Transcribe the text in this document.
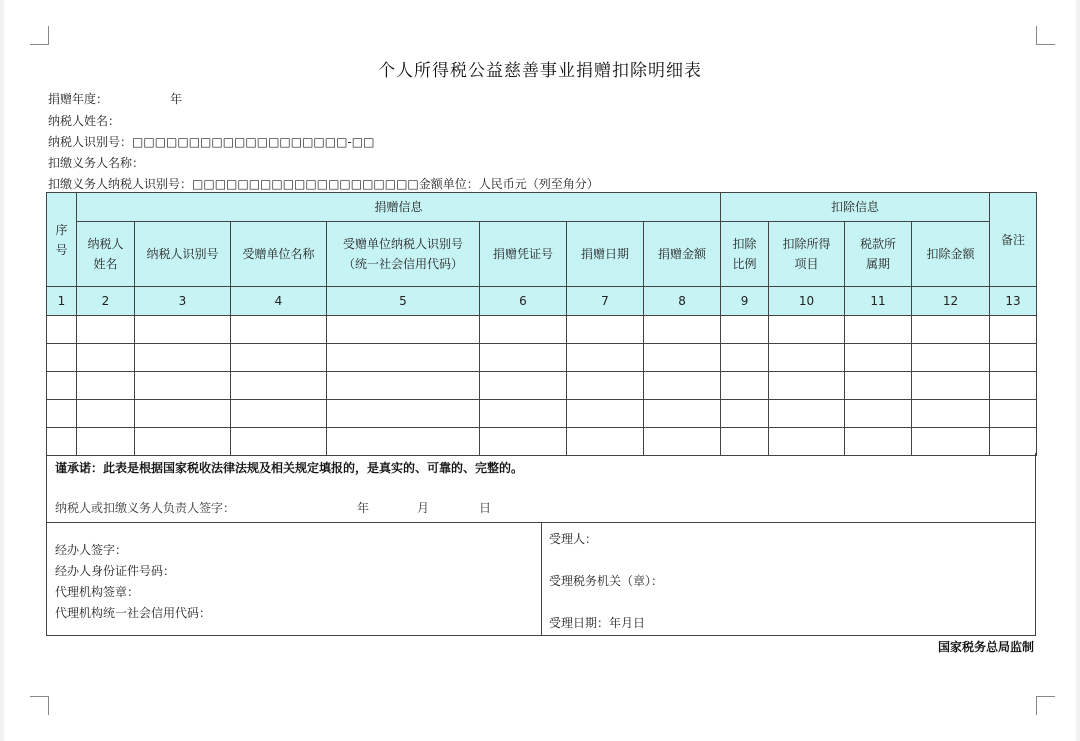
个人所得税公益慈善事业捐赠扣除明细表
捐赠年度：	年
纳税人姓名：
纳税人识别号：□□□□□□□□□□□□□□□□□□□-□□
扣缴义务人名称：
扣缴义务人纳税人识别号：□□□□□□□□□□□□□□□□□□□□金额单位：人民币元（列至角分）
序号	捐赠信息							扣除信息				备注
	纳税人姓名	纳税人识别号	受赠单位名称	受赠单位纳税人识别号（统一社会信用代码）	捐赠凭证号	捐赠日期	捐赠金额	扣除比例	扣除所得项目	税款所属期	扣除金额	
1	2	3	4	5	6	7	8	9	10	11	12	13

谨承诺：此表是根据国家税收法律法规及相关规定填报的，是真实的、可靠的、完整的。
纳税人或扣缴义务人负责人签字：	年	月	日
经办人签字：
经办人身份证件号码：
代理机构签章：
代理机构统一社会信用代码：
受理人：
受理税务机关（章）：
受理日期：年月日
国家税务总局监制
